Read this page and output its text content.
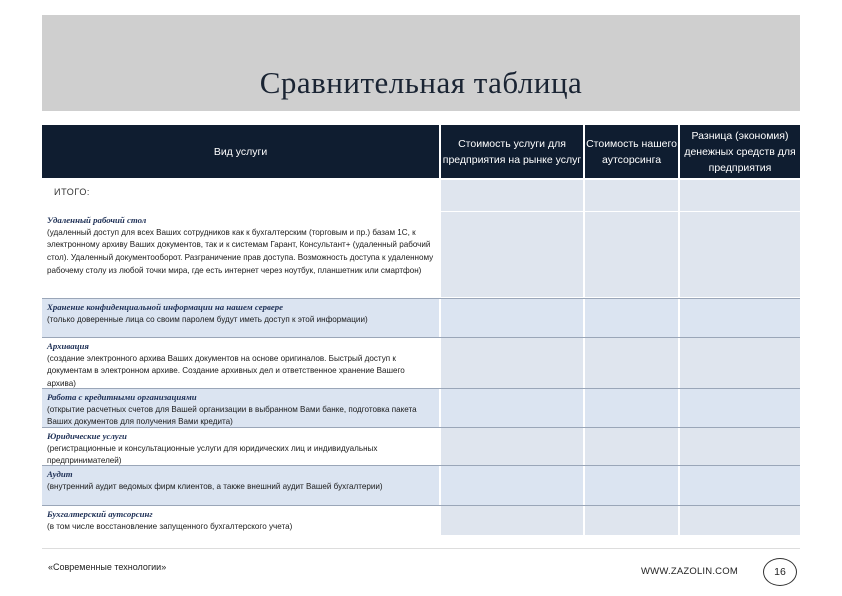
Сравнительная таблица
Вид услуги
Стоимость услуги для предприятия на рынке услуг
Стоимость нашего аутсорсинга
Разница (экономия) денежных средств для предприятия
ИТОГО:
Удаленный рабочий стол
(удаленный доступ для всех Ваших сотрудников как к бухгалтерским (торговым и пр.) базам 1С, к электронному архиву Ваших документов, так и к системам Гарант, Консультант+ (удаленный рабочий стол). Удаленный документооборот. Разграничение прав доступа. Возможность доступа к удаленному рабочему столу из любой точки мира, где есть интернет через ноутбук, планшетник или смартфон)
Хранение конфиденциальной информации на нашем сервере
(только доверенные лица со своим паролем будут иметь доступ к этой информации)
Архивация
(создание электронного архива Ваших документов на основе оригиналов. Быстрый доступ к документам в электронном архиве. Создание архивных дел и ответственное хранение Вашего архива)
Работа с кредитными организациями
(открытие расчетных счетов для Вашей организации в выбранном Вами банке, подготовка пакета Ваших документов для получения Вами кредита)
Юридические услуги
(регистрационные и консультационные услуги для юридических лиц и индивидуальных предпринимателей)
Аудит
(внутренний аудит ведомых фирм клиентов, а также внешний аудит Вашей бухгалтерии)
Бухгалтерский аутсорсинг
(в том числе восстановление запущенного бухгалтерского учета)
«Современные технологии»	WWW.ZAZOLIN.COM	16
